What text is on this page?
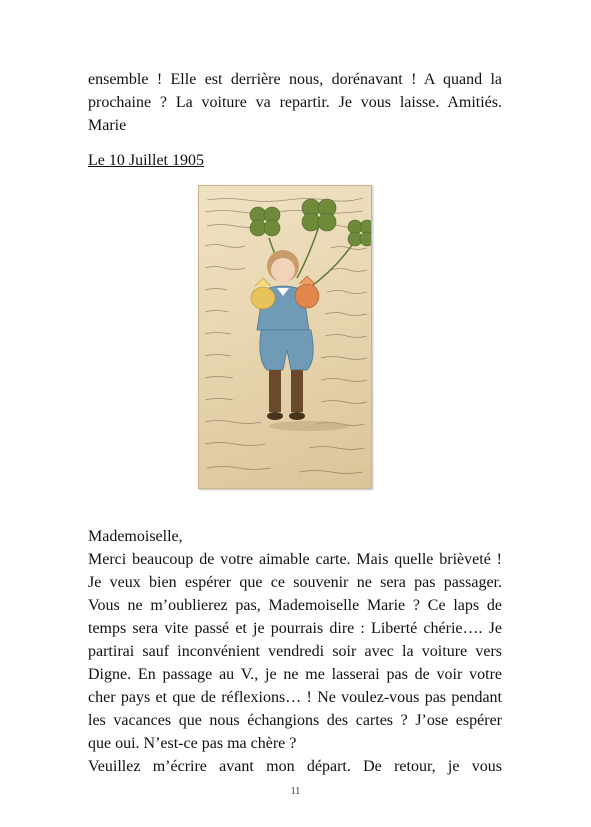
ensemble ! Elle est derrière nous, dorénavant ! A quand la
prochaine ? La voiture va repartir. Je vous laisse. Amitiés.
Marie
Le 10 Juillet 1905
Mademoiselle,
Merci beaucoup de votre aimable carte. Mais quelle brièveté !
Je veux bien espérer que ce souvenir ne sera pas passager.
Vous ne m’oublierez pas, Mademoiselle Marie ? Ce laps de
temps sera vite passé et je pourrais dire : Liberté chérie…. Je
partirai sauf inconvénient vendredi soir avec la voiture vers
Digne. En passage au V., je ne me lasserai pas de voir votre
cher pays et que de réflexions… ! Ne voulez-vous pas pendant
les vacances que nous échangions des cartes ? J’ose espérer
que oui. N’est-ce pas ma chère ?
Veuillez m’écrire avant mon départ. De retour, je vous
11
